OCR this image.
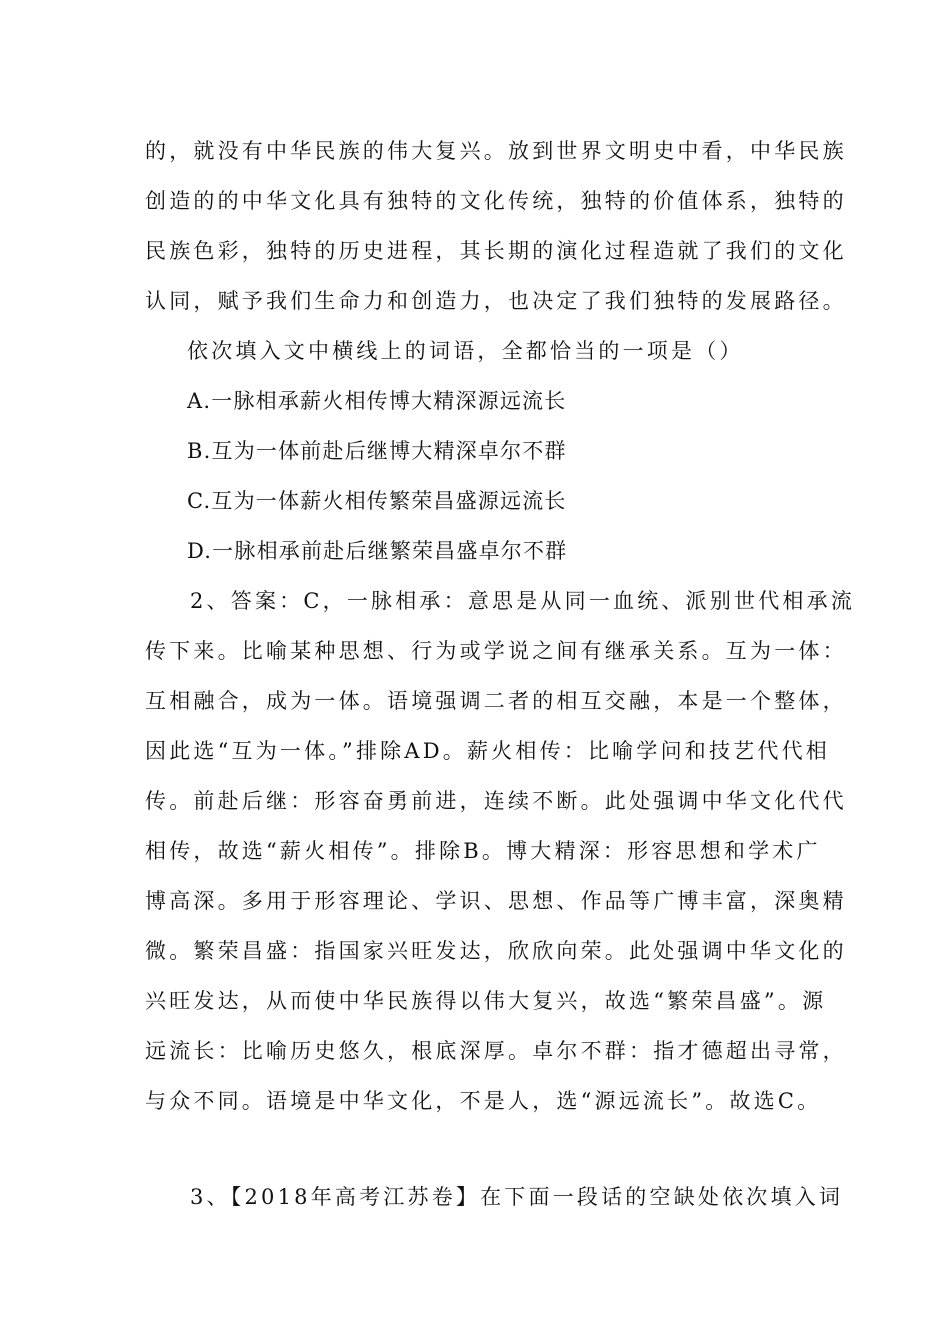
的，就没有中华民族的伟大复兴。放到世界文明史中看，中华民族
创造的的中华文化具有独特的文化传统，独特的价值体系，独特的
民族色彩，独特的历史进程，其长期的演化过程造就了我们的文化
认同，赋予我们生命力和创造力，也决定了我们独特的发展路径。
依次填入文中横线上的词语，全都恰当的一项是（）
A.一脉相承薪火相传博大精深源远流长
B.互为一体前赴后继博大精深卓尔不群
C.互为一体薪火相传繁荣昌盛源远流长
D.一脉相承前赴后继繁荣昌盛卓尔不群
2、答案：C，一脉相承：意思是从同一血统、派别世代相承流
传下来。比喻某种思想、行为或学说之间有继承关系。互为一体：
互相融合，成为一体。语境强调二者的相互交融，本是一个整体，
因此选“互为一体。”排除AD。薪火相传：比喻学问和技艺代代相
传。前赴后继：形容奋勇前进，连续不断。此处强调中华文化代代
相传，故选“薪火相传”。排除B。博大精深：形容思想和学术广
博高深。多用于形容理论、学识、思想、作品等广博丰富，深奥精
微。繁荣昌盛：指国家兴旺发达，欣欣向荣。此处强调中华文化的
兴旺发达，从而使中华民族得以伟大复兴，故选“繁荣昌盛”。源
远流长：比喻历史悠久，根底深厚。卓尔不群：指才德超出寻常，
与众不同。语境是中华文化，不是人，选“源远流长”。故选C。
3、【2018年高考江苏卷】在下面一段话的空缺处依次填入词
